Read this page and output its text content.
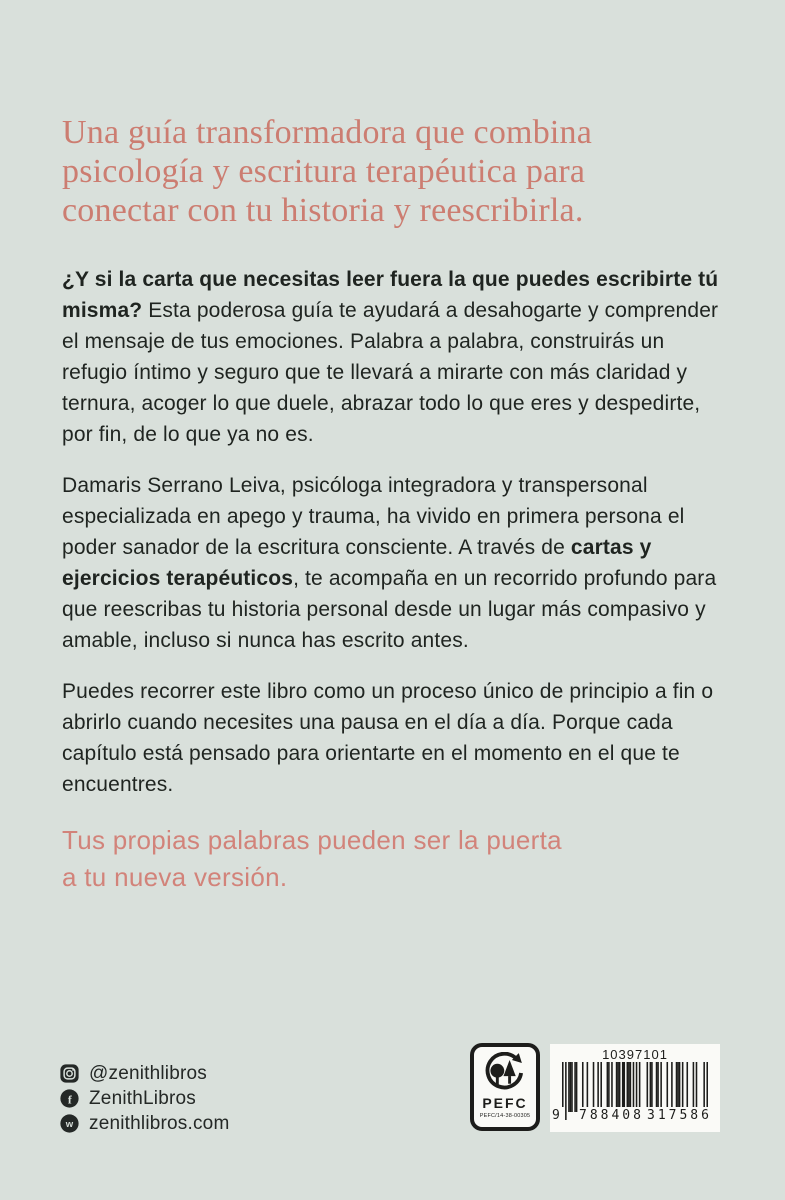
Una guía transformadora que combina
psicología y escritura terapéutica para
conectar con tu historia y reescribirla.

¿Y si la carta que necesitas leer fuera la que puedes escribirte tú misma? Esta poderosa guía te ayudará a desahogarte y comprender el mensaje de tus emociones. Palabra a palabra, construirás un refugio íntimo y seguro que te llevará a mirarte con más claridad y ternura, acoger lo que duele, abrazar todo lo que eres y despedirte, por fin, de lo que ya no es.

Damaris Serrano Leiva, psicóloga integradora y transpersonal especializada en apego y trauma, ha vivido en primera persona el poder sanador de la escritura consciente. A través de cartas y ejercicios terapéuticos, te acompaña en un recorrido profundo para que reescribas tu historia personal desde un lugar más compasivo y amable, incluso si nunca has escrito antes.

Puedes recorrer este libro como un proceso único de principio a fin o abrirlo cuando necesites una pausa en el día a día. Porque cada capítulo está pensado para orientarte en el momento en el que te encuentres.

Tus propias palabras pueden ser la puerta
a tu nueva versión.
@zenithlibros
f ZenithLibros
w zenithlibros.com
PEFC
PEFC/14-38-00305
10397101
9 788408 317586
